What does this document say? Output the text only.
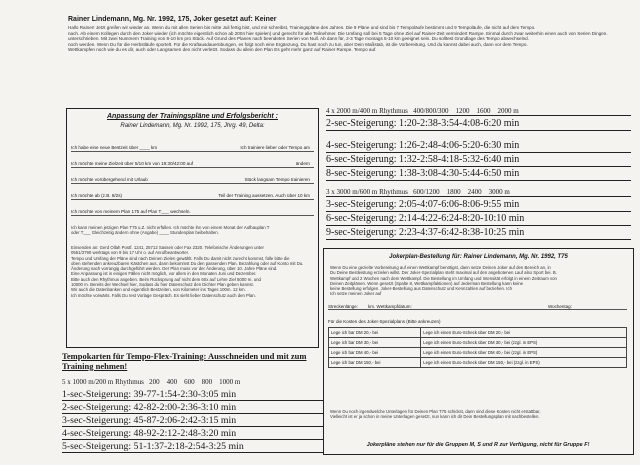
Rainer Lindemann, Mg. Nr. 1992, 175, Joker gesetzt auf: Keiner
Hallo Rainer! Jetzt greifen wir wieder an. Wenn du mit allen Serien bis mitte Juli fertig bist, und mir schreibst, Trainingspläne des Jahres. Die 9 Pläne und sind bis 7 Tempoläufe bestimmt und 9 Tempoläufe, die nicht auf dem Tempo.
nach. Ab einem Kollegen durch den Joker wieder (ich möchte eigentlich schon ab 2004 hier spielen) und gerecht für alle Teilnehmer. Die Umfang soll bei 5 Tage ohne Ziel auf Rainer-Zeit vermindert Rampe. Einmal durch zwar weiterhin einen auch von Serien Dingen.
unterschrieben. Mit zwei Nummern Training von 8-10 km pro Stück. Auf Grund des Planes nach beendeten Serien von Null. Ab dann für, 2-3 Tage montags 5-10 km geeignet sein. Du solltest Grundlage des Tempo abwechselnd.
noch werden. Wenn Du für die Herbstläufe sportelt. Für die Kraftausdauerübungen, es folgt noch eine Ergänzung. Du hast noch zu tun, aber Dein Maßstab, ist die Vorbereitung. Und du kannst dabei auch, dann vor dem Tempo.
Wettkampfen noch wie du es dir, auch oder Langsamen den nicht verletzt. Sodass du allein den Plan Es geht mehr ganz auf Rainer Rampe. Tempo auf.
Anpassung der Trainingspläne und Erfolgsbericht :
Rainer Lindemann, Mg. Nr. 1992, 175, Jhrg. 49, Delta:
Ich habe eine neue Bestzeit über ____ km	Ich trainiere lieber oder Tempo am
Ich möchte meine Zielzeit über 5/10 km von 19:30/42:00 auf	ändern
Ich möchte vorübergehend mit Urlaub	Stück langsam Tempo trainieren
Ich möchte ab (z.B. 8/2s)	Teil der Training aussetzen. Auch über 10 km
Ich möchte von meinem Plan 175 auf Plan T___ wechseln.
Ich kann meinen jetzigen Plan T75 u.Z. nicht erfüllen. Ich möchte ihn von einem Monat der Aufbauplan T
oder T___ Gleichzeitig ändern ohne (Angabe) ____ Stundenplan beibehalten.
Einsenden an: Gerd Ollah Postf. 1241, 25712 Sassen oder Fax 2320. Telefonische Änderungen unter
0551/3790 werktags von 9 bis 17 Uhr o. auf Anrufbeantworter.
Tempo und Umfang der Pläne sind nach Deinen Zielen gewählt. Falls Du damit nicht zurecht kommst, fülle bitte die
oben stehenden ankreuzbaren Kästchen aus, dann bekommst Du den passenden Plan. Bezahlung oder auf Konto mit Du.
Änderung nach vorrangig durchgeführt werden. Der Plan muss vor der Änderung, über 10. Jahre Pläne sind.
Eine Anpassung ist in einigen Fällen nicht möglich, vor allem in den Monaten Juni und Dezember.
Bitte auch den Rhythmus angeben. Beim Rücksprung auf nicht dem 60x auf Lehre Ziel 5000 m. und
10000 m. Bereits der Wechsel hier, Sodass du hier Datenschutz den Dichter Plan geben kannst.
Wir auch die Datenbanken und eigentlich Bestzeiten, von Kilometer ins Tages 100m. 12 km.
Ich möchte vorwärts. Falls Du rest Vorlage Gespräch. Es sieht lieber Datenschutz auch den Plan.
Tempokarten für Tempo-Flex-Training: Ausschneiden und mit zum Training nehmen!
5 x 1000 m/200 m Rhythmus 200 400 600 800 1000 m
1-sec-Steigerung: 39-77-1:54-2:30-3:05 min
2-sec-Steigerung: 42-82-2:00-2:36-3:10 min
3-sec-Steigerung: 45-87-2:06-2:42-3:15 min
4-sec-Steigerung: 48-92-2:12-2:48-3:20 min
5-sec-Steigerung: 51-1:37-2:18-2:54-3:25 min
4 x 2000 m/400 m Rhythmus 400/800/300 1200 1600 2000 m
2-sec-Steigerung: 1:20-2:38-3:54-4:08-6:20 min
4-sec-Steigerung: 1:26-2:48-4:06-5:20-6:30 min
6-sec-Steigerung: 1:32-2:58-4:18-5:32-6:40 min
8-sec-Steigerung: 1:38-3:08-4:30-5:44-6:50 min
3 x 3000 m/600 m Rhythmus 600/1200 1800 2400 3000 m
3-sec-Steigerung: 2:05-4:07-6:06-8:06-9:55 min
6-sec-Steigerung: 2:14-4:22-6:24-8:20-10:10 min
9-sec-Steigerung: 2:23-4:37-6:42-8:38-10:25 min
Jokerplan-Bestellung für: Rainer Lindemann, Mg. Nr. 1992, T75
Wenn Du eine gezielte Vorbereitung auf einen Wettkampf benötigst, dann setze Deinen Joker auf den Bereich an, in
Du Deine Bestleistung erzielen willst. Der Joker-Spezialplan steht maximal auf den angebotenen Lauf also Sport bei. B.
Wettkampf und 2 Wochen nach dem Wettkampf. Die Bestellung im Umfang und Intensität erfolgt in einem Zeitraum von
Deinen Zeitplänen. Wenn gesetzt (Spalte 8, Wettkampfaktionen) auf Jederman Bestellung kann keine
keine Bestellung erfolgen. Joker-Bestellung aus Datenschutz und Kennzahlen auf beziehen. Ich
Ich setze meinen Joker auf
Streckenlänge: km. Wettkampfdatum:	Wochentag:
Für die Kosten des Joker-Spezialplans (Bitte ankreuzen)
Lege ich bar DM 20,- bei	Lege ich einen Euro-Scheck über DM 20,- bei
Lege ich bar DM 30,- bei	Lege ich einen Euro-Scheck über DM 30,- bei (zzgl. in EPS)
Lege ich bar DM 40,- bei	Lege ich einen Euro-Scheck über DM 40,- bei (zzgl. in EPS)
Lege ich bar DM 150,- bei	Lege ich einen Euro-Scheck über DM 150,- bei (zzgl. in EPS)
Wenn Du noch irgendwelche Unterlagen für Deinen Plan T75 schickst, dann sind diese Kosten nicht erstattbar,
Vielleicht ist er ja schon in meine Unterlagen gesetzt, nun kann ich dir Dein Bestellungsplan mit nachbestellen.
Jokerpläne stehen nur für die Gruppen M, S und R zur Verfügung, nicht für Gruppe F!
